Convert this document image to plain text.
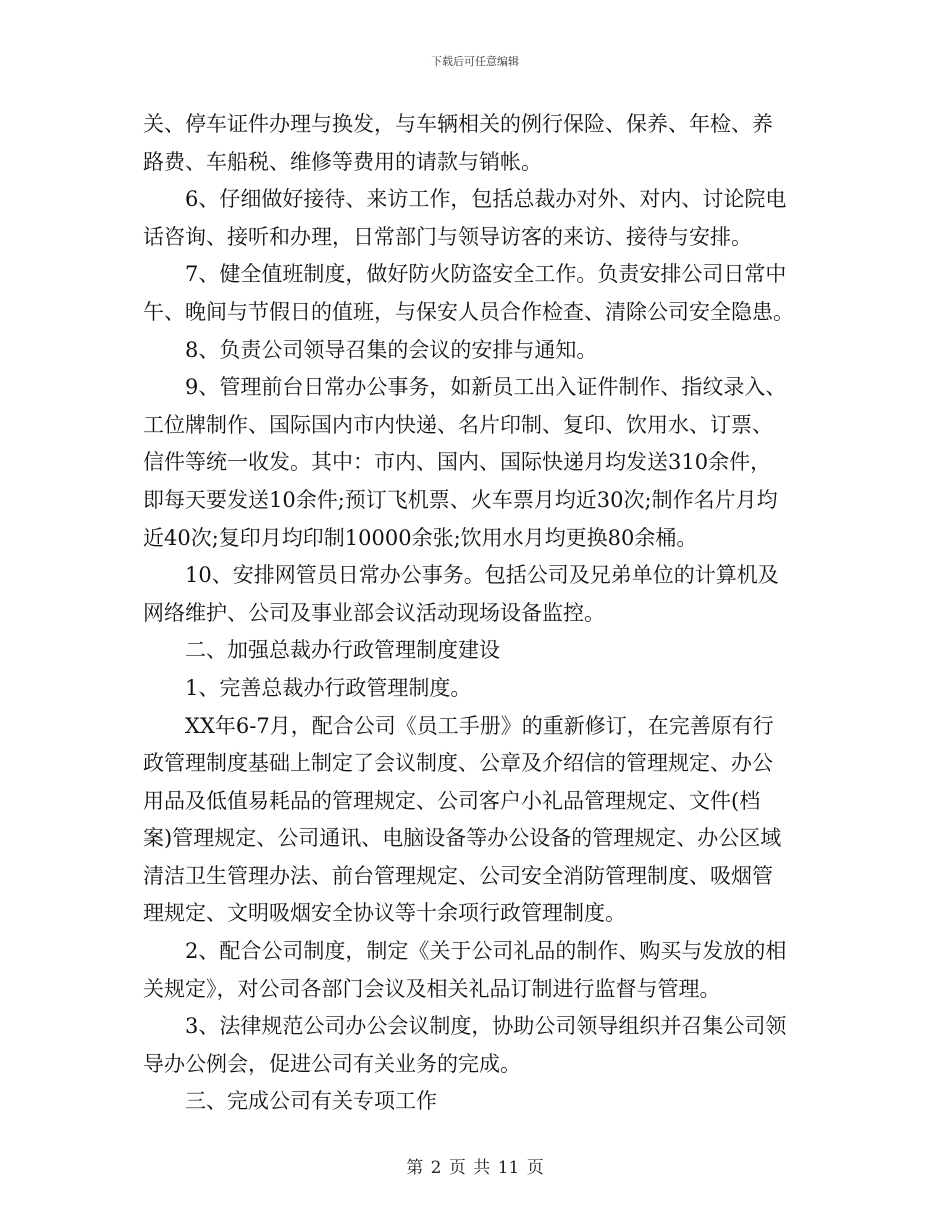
下载后可任意编辑
关、停车证件办理与换发，与车辆相关的例行保险、保养、年检、养
路费、车船税、维修等费用的请款与销帐。
6、仔细做好接待、来访工作，包括总裁办对外、对内、讨论院电
话咨询、接听和办理，日常部门与领导访客的来访、接待与安排。
7、健全值班制度，做好防火防盗安全工作。负责安排公司日常中
午、晚间与节假日的值班，与保安人员合作检查、清除公司安全隐患。
8、负责公司领导召集的会议的安排与通知。
9、管理前台日常办公事务，如新员工出入证件制作、指纹录入、
工位牌制作、国际国内市内快递、名片印制、复印、饮用水、订票、
信件等统一收发。其中：市内、国内、国际快递月均发送310余件，
即每天要发送10余件;预订飞机票、火车票月均近30次;制作名片月均
近40次;复印月均印制10000余张;饮用水月均更换80余桶。
10、安排网管员日常办公事务。包括公司及兄弟单位的计算机及
网络维护、公司及事业部会议活动现场设备监控。
二、加强总裁办行政管理制度建设
1、完善总裁办行政管理制度。
XX年6-7月，配合公司《员工手册》的重新修订，在完善原有行
政管理制度基础上制定了会议制度、公章及介绍信的管理规定、办公
用品及低值易耗品的管理规定、公司客户小礼品管理规定、文件(档
案)管理规定、公司通讯、电脑设备等办公设备的管理规定、办公区域
清洁卫生管理办法、前台管理规定、公司安全消防管理制度、吸烟管
理规定、文明吸烟安全协议等十余项行政管理制度。
2、配合公司制度，制定《关于公司礼品的制作、购买与发放的相
关规定》，对公司各部门会议及相关礼品订制进行监督与管理。
3、法律规范公司办公会议制度，协助公司领导组织并召集公司领
导办公例会，促进公司有关业务的完成。
三、完成公司有关专项工作
第 2 页 共 11 页
